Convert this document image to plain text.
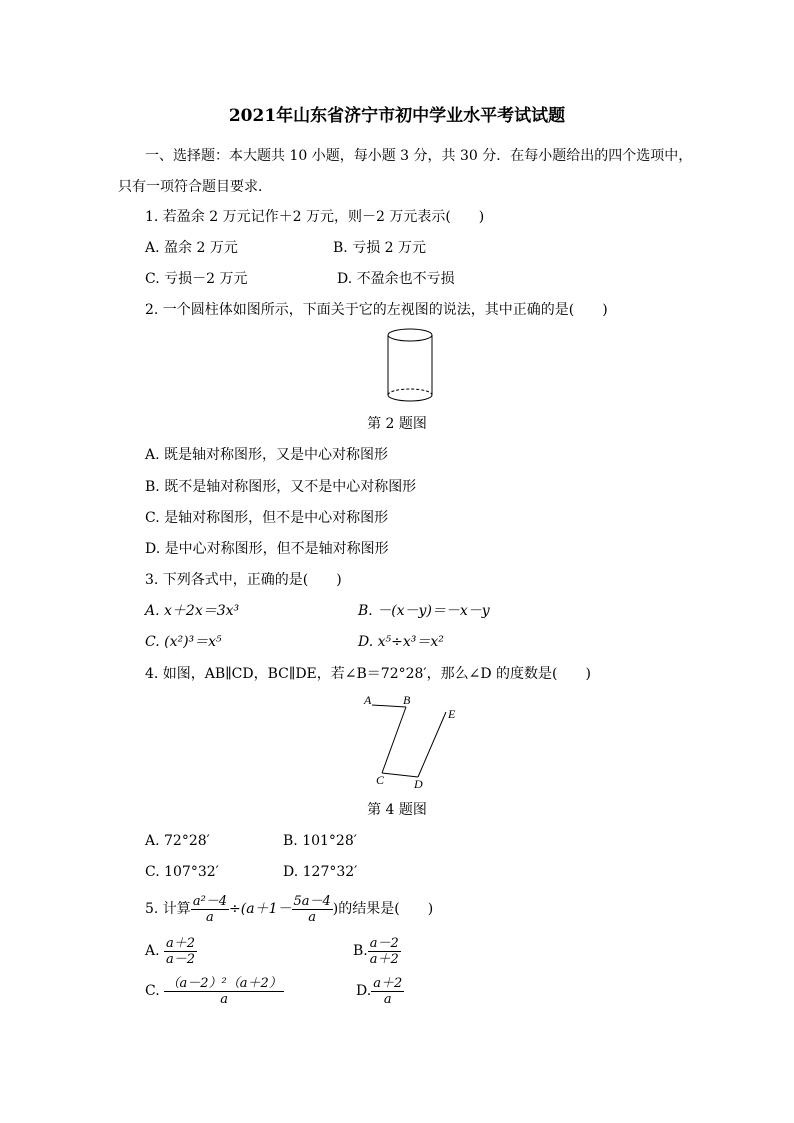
2021年山东省济宁市初中学业水平考试试题
一、选择题：本大题共 10 小题，每小题 3 分，共 30 分．在每小题给出的四个选项中，
只有一项符合题目要求．
1. 若盈余 2 万元记作＋2 万元，则－2 万元表示(　　)
A. 盈余 2 万元	B. 亏损 2 万元
C. 亏损－2 万元	D. 不盈余也不亏损
2. 一个圆柱体如图所示，下面关于它的左视图的说法，其中正确的是(　　)
第 2 题图
A. 既是轴对称图形，又是中心对称图形
B. 既不是轴对称图形，又不是中心对称图形
C. 是轴对称图形，但不是中心对称图形
D. 是中心对称图形，但不是轴对称图形
3. 下列各式中，正确的是(　　)
A. x＋2x＝3x³	B. －(x－y)＝－x－y
C. (x²)³＝x⁵	D. x⁵÷x³＝x²
4. 如图，AB∥CD，BC∥DE，若∠B＝72°28′，那么∠D 的度数是(　　)
A	B
E
C D
第 4 题图
A. 72°28′	B. 101°28′
C. 107°32′	D. 127°32′
5. 计算 $\frac{\text{a²－4}}{a} \div(a+1- \frac{5a-4}{a}$ )的结果是(　　)
A. $\frac{a+2}{a-2}$	B. $\frac{a-2}{a+2}$
C. $\frac{\text{（a－2）²（a＋2）}}{a}$	D. $\frac{a+2}{a}$
